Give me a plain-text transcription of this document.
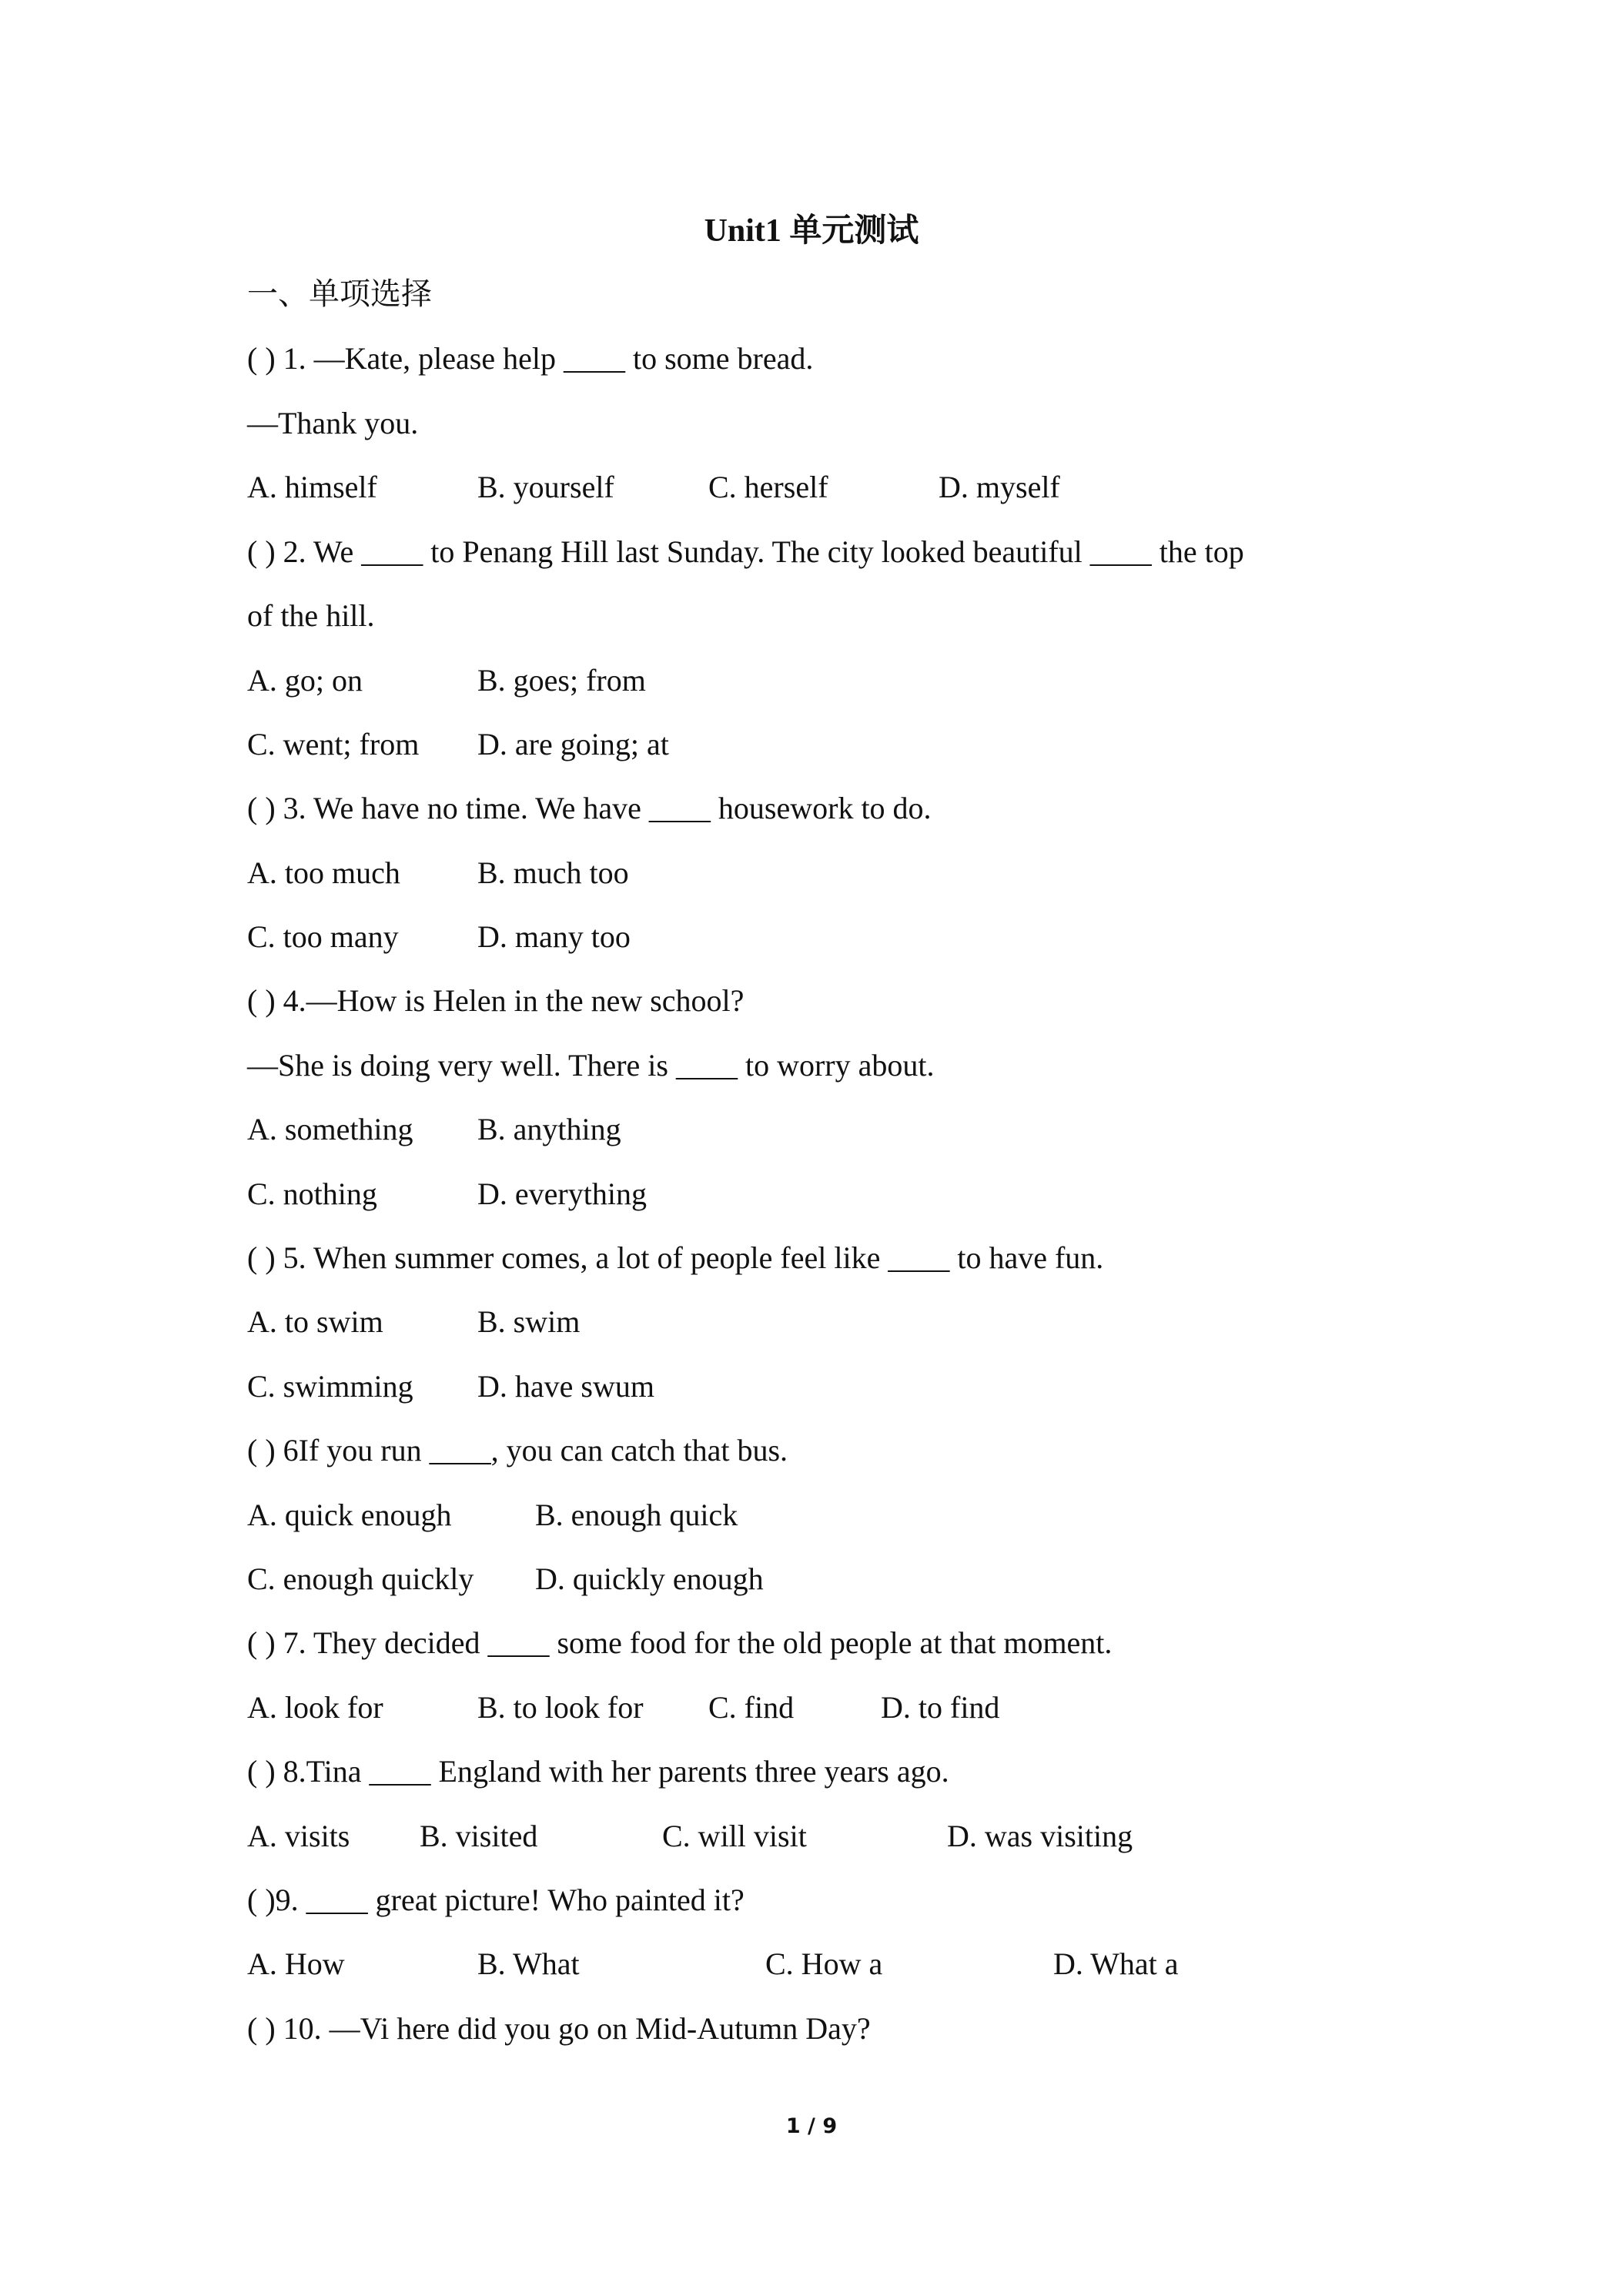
Unit1 单元测试
一、单项选择
( ) 1. —Kate, please help ____ to some bread.
—Thank you.
A. himself	B. yourself	C. herself	D. myself
( ) 2. We ____ to Penang Hill last Sunday. The city looked beautiful ____ the top
of the hill.
A. go; on	B. goes; from
C. went; from D. are going; at
( ) 3. We have no time. We have ____ housework to do.
A. too much	B. much too
C. too many	D. many too
( ) 4.—How is Helen in the new school?
—She is doing very well. There is ____ to worry about.
A. something B. anything
C. nothing	D. everything
( ) 5. When summer comes, a lot of people feel like ____ to have fun.
A. to swim	B. swim
C. swimming D. have swum
( ) 6If you run ____, you can catch that bus.
A. quick enough	B. enough quick
C. enough quickly D. quickly enough
( ) 7. They decided ____ some food for the old people at that moment.
A. look for	B. to look for C. find	D. to find
( ) 8.Tina ____ England with her parents three years ago.
A. visits B. visited	C. will visit	D. was visiting
( )9. ____ great picture! Who painted it?
A. How	B. What	C. How a	D. What a
( ) 10. —Vi here did you go on Mid-Autumn Day?
1 / 9
